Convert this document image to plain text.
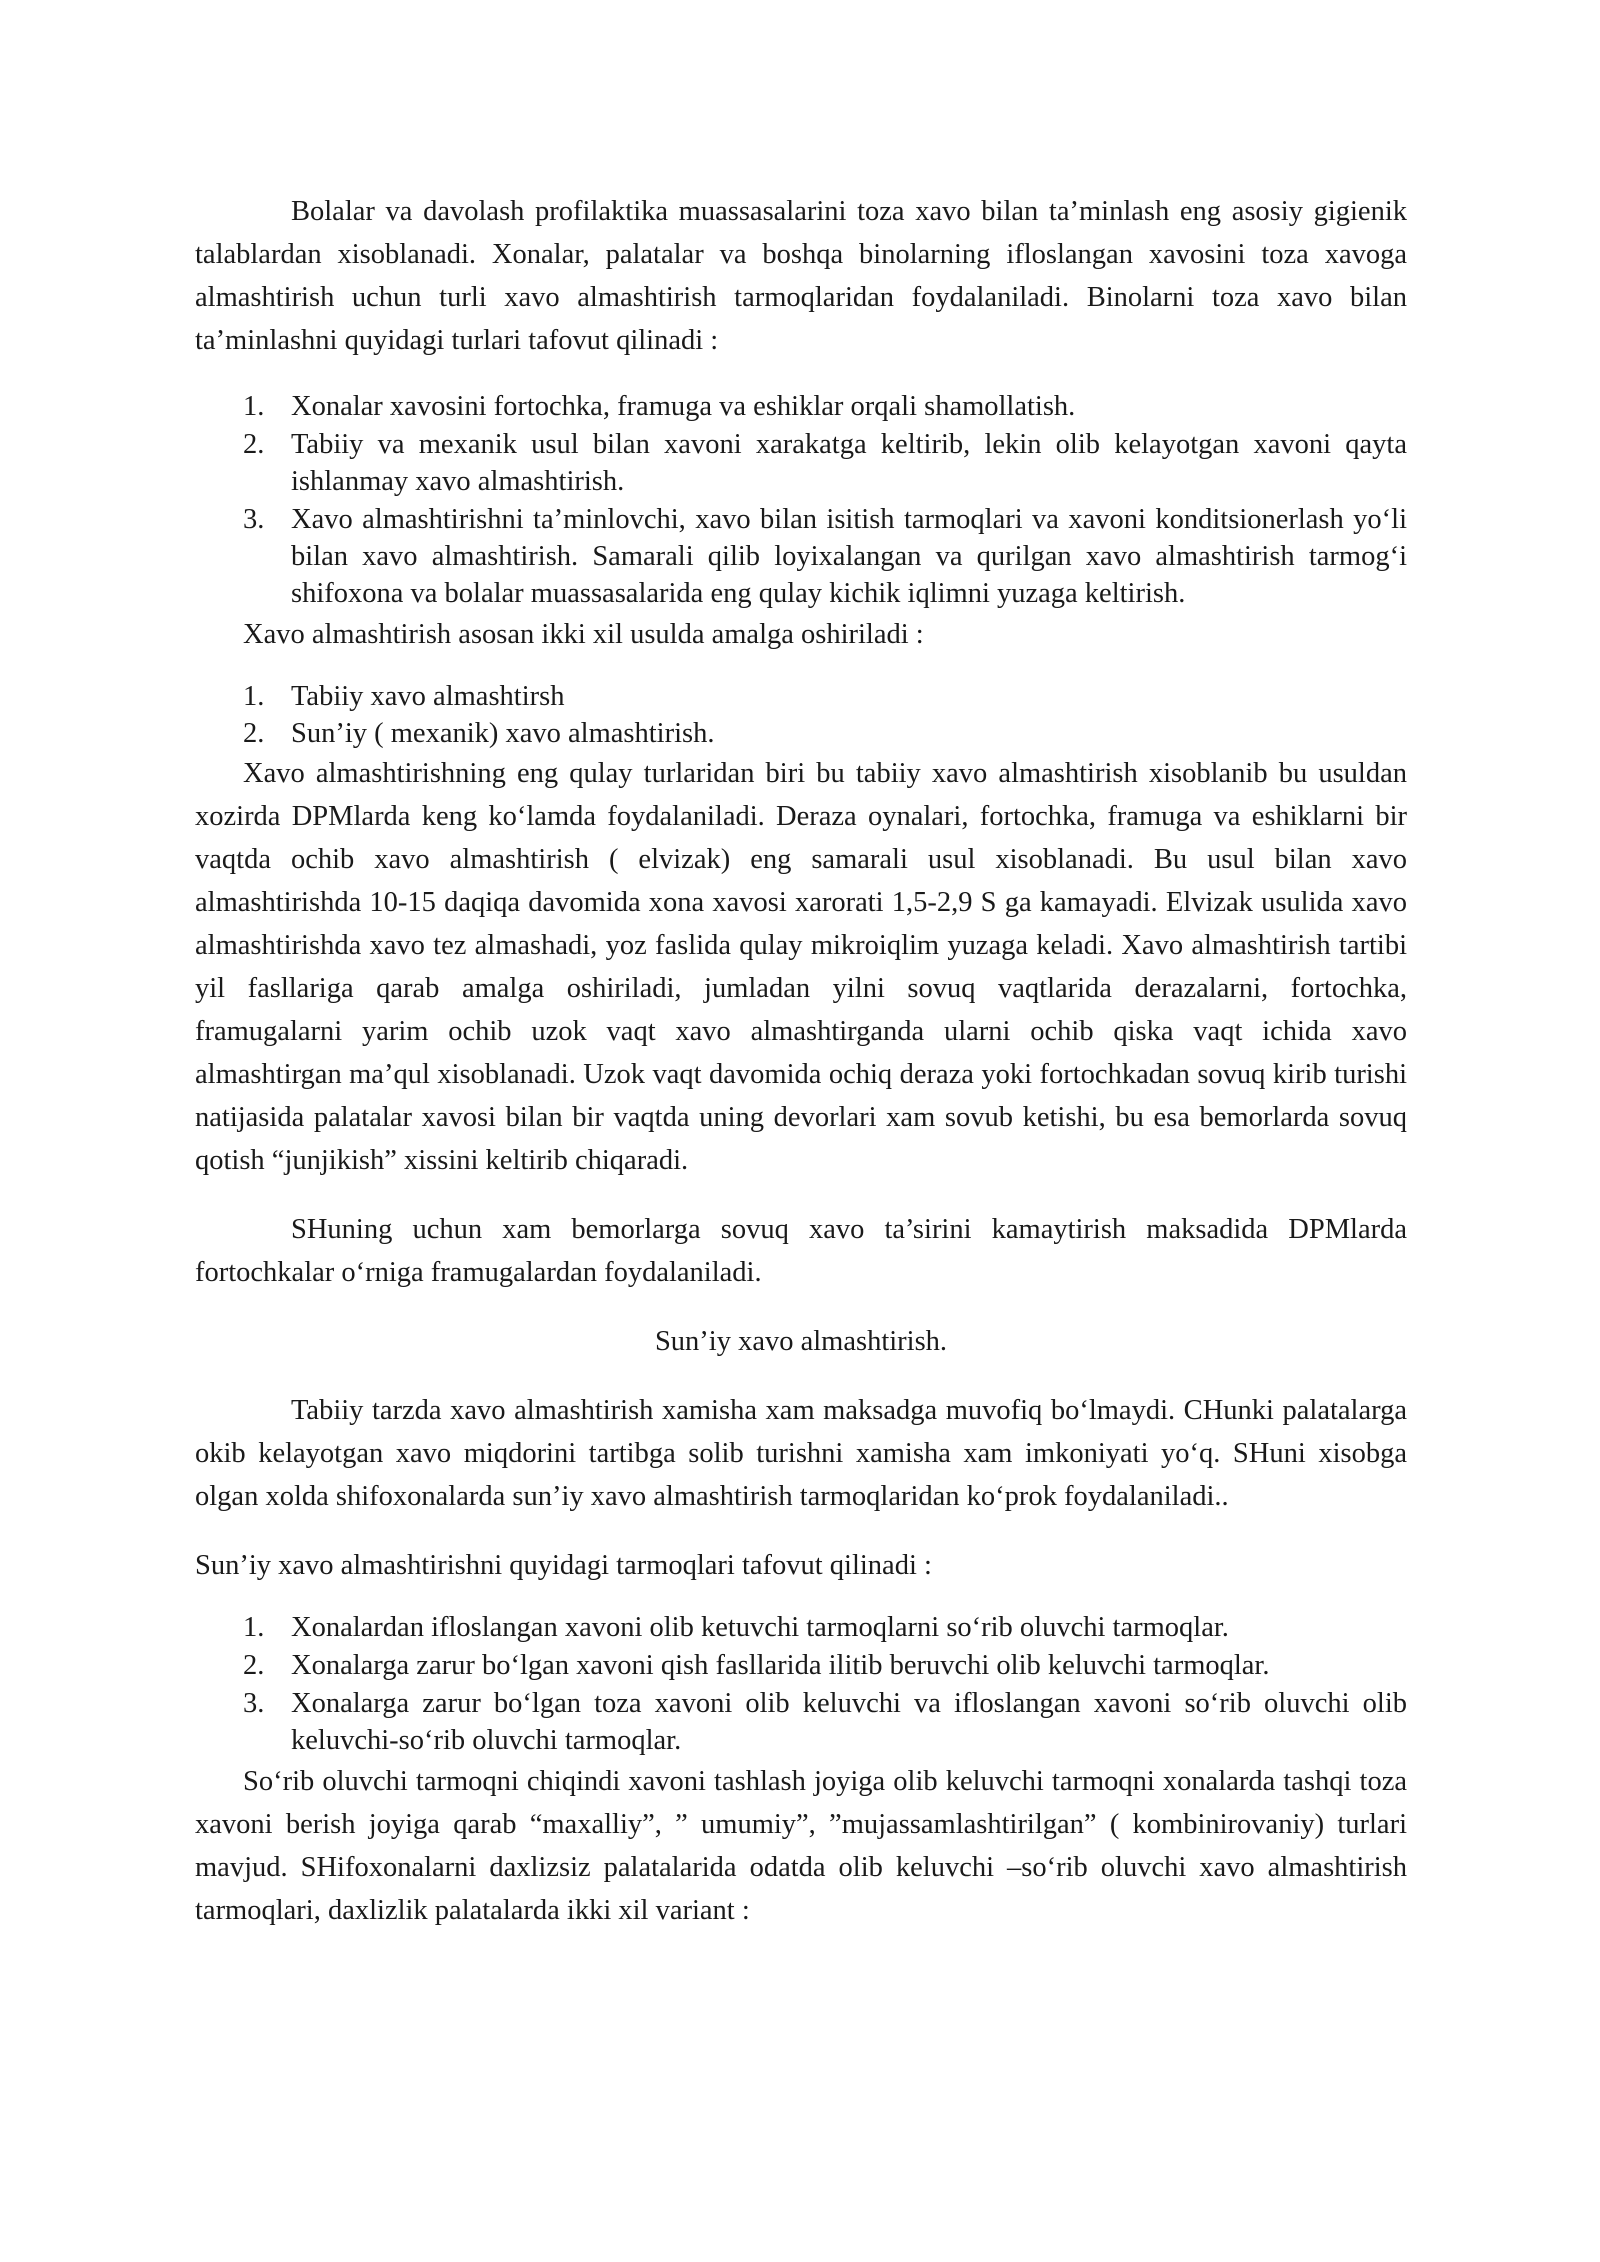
Bolalar va davolash profilaktika muassasalarini toza xavo bilan ta’minlash eng asosiy gigienik talablardan xisoblanadi. Xonalar, palatalar va boshqa binolarning ifloslangan xavosini toza xavoga almashtirish uchun turli xavo almashtirish tarmoqlaridan foydalaniladi. Binolarni toza xavo bilan ta’minlashni quyidagi turlari tafovut qilinadi :

1. Xonalar xavosini fortochka, framuga va eshiklar orqali shamollatish.
2. Tabiiy va mexanik usul bilan xavoni xarakatga keltirib, lekin olib kelayotgan xavoni qayta ishlanmay xavo almashtirish.
3. Xavo almashtirishni ta’minlovchi, xavo bilan isitish tarmoqlari va xavoni konditsionerlash yo‘li bilan xavo almashtirish. Samarali qilib loyixalangan va qurilgan xavo almashtirish tarmog‘i shifoxona va bolalar muassasalarida eng qulay kichik iqlimni yuzaga keltirish.

Xavo almashtirish asosan ikki xil usulda amalga oshiriladi :

1. Tabiiy xavo almashtirsh
2. Sun’iy ( mexanik) xavo almashtirish.

Xavo almashtirishning eng qulay turlaridan biri bu tabiiy xavo almashtirish xisoblanib bu usuldan xozirda DPMlarda keng ko‘lamda foydalaniladi. Deraza oynalari, fortochka, framuga va eshiklarni bir vaqtda ochib xavo almashtirish ( elvizak) eng samarali usul xisoblanadi. Bu usul bilan xavo almashtirishda 10-15 daqiqa davomida xona xavosi xarorati 1,5-2,9 S ga kamayadi. Elvizak usulida xavo almashtirishda xavo tez almashadi, yoz faslida qulay mikroiqlim yuzaga keladi. Xavo almashtirish tartibi yil fasllariga qarab amalga oshiriladi, jumladan yilni sovuq vaqtlarida derazalarni, fortochka, framugalarni yarim ochib uzok vaqt xavo almashtirganda ularni ochib qiska vaqt ichida xavo almashtirgan ma’qul xisoblanadi. Uzok vaqt davomida ochiq deraza yoki fortochkadan sovuq kirib turishi natijasida palatalar xavosi bilan bir vaqtda uning devorlari xam sovub ketishi, bu esa bemorlarda sovuq qotish “junjikish” xissini keltirib chiqaradi.

SHuning uchun xam bemorlarga sovuq xavo ta’sirini kamaytirish maksadida DPMlarda fortochkalar o‘rniga framugalardan foydalaniladi.

Sun’iy xavo almashtirish.

Tabiiy tarzda xavo almashtirish xamisha xam maksadga muvofiq bo‘lmaydi. CHunki palatalarga okib kelayotgan xavo miqdorini tartibga solib turishni xamisha xam imkoniyati yo‘q. SHuni xisobga olgan xolda shifoxonalarda sun’iy xavo almashtirish tarmoqlaridan ko‘prok foydalaniladi..

Sun’iy xavo almashtirishni quyidagi tarmoqlari tafovut qilinadi :

1. Xonalardan ifloslangan xavoni olib ketuvchi tarmoqlarni so‘rib oluvchi tarmoqlar.
2. Xonalarga zarur bo‘lgan xavoni qish fasllarida ilitib beruvchi olib keluvchi tarmoqlar.
3. Xonalarga zarur bo‘lgan toza xavoni olib keluvchi va ifloslangan xavoni so‘rib oluvchi olib keluvchi-so‘rib oluvchi tarmoqlar.

So‘rib oluvchi tarmoqni chiqindi xavoni tashlash joyiga olib keluvchi tarmoqni xonalarda tashqi toza xavoni berish joyiga qarab “maxalliy”, ” umumiy”, ”mujassamlashtirilgan” ( kombinirovaniy) turlari mavjud. SHifoxonalarni daxlizsiz palatalarida odatda olib keluvchi –so‘rib oluvchi xavo almashtirish tarmoqlari, daxlizlik palatalarda ikki xil variant :
